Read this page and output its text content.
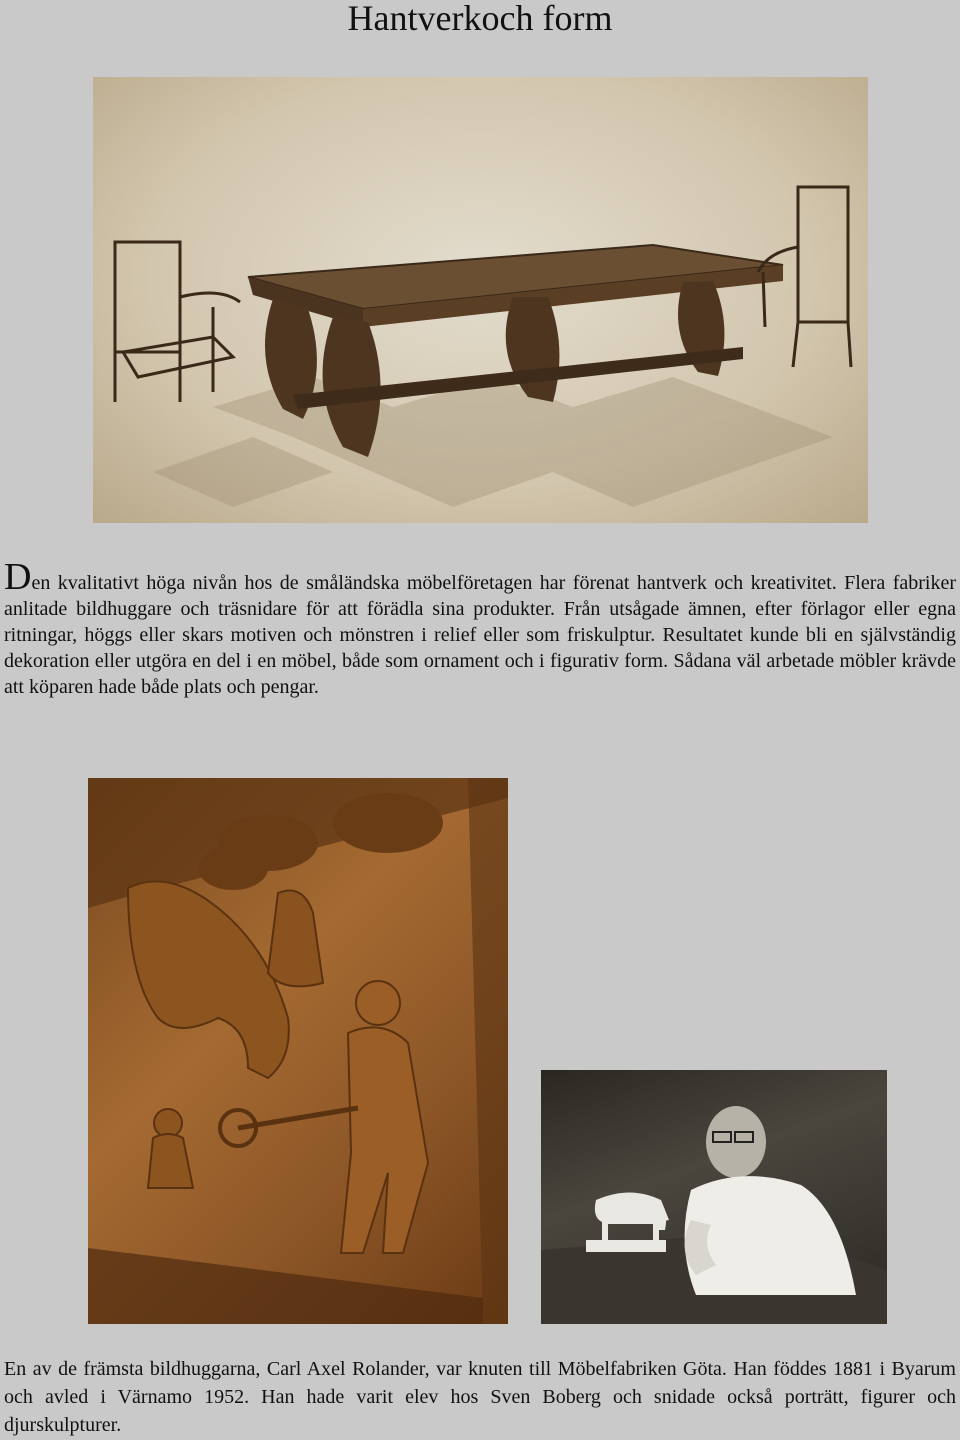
Hantverkoch form

Den kvalitativt höga nivån hos de småländska möbelföretagen har förenat hantverk och kreativitet. Flera fabriker anlitade bildhuggare och träsnidare för att förädla sina produkter. Från utsågade ämnen, efter förlagor eller egna ritningar, höggs eller skars motiven och mönstren i relief eller som friskulptur. Resultatet kunde bli en självständig dekoration eller utgöra en del i en möbel, både som ornament och i figurativ form. Sådana väl arbetade möbler krävde att köparen hade både plats och pengar.

En av de främsta bildhuggarna, Carl Axel Rolander, var knuten till Möbelfabriken Göta. Han föddes 1881 i Byarum och avled i Värnamo 1952. Han hade varit elev hos Sven Boberg och snidade också porträtt, figurer och djurskulpturer.
